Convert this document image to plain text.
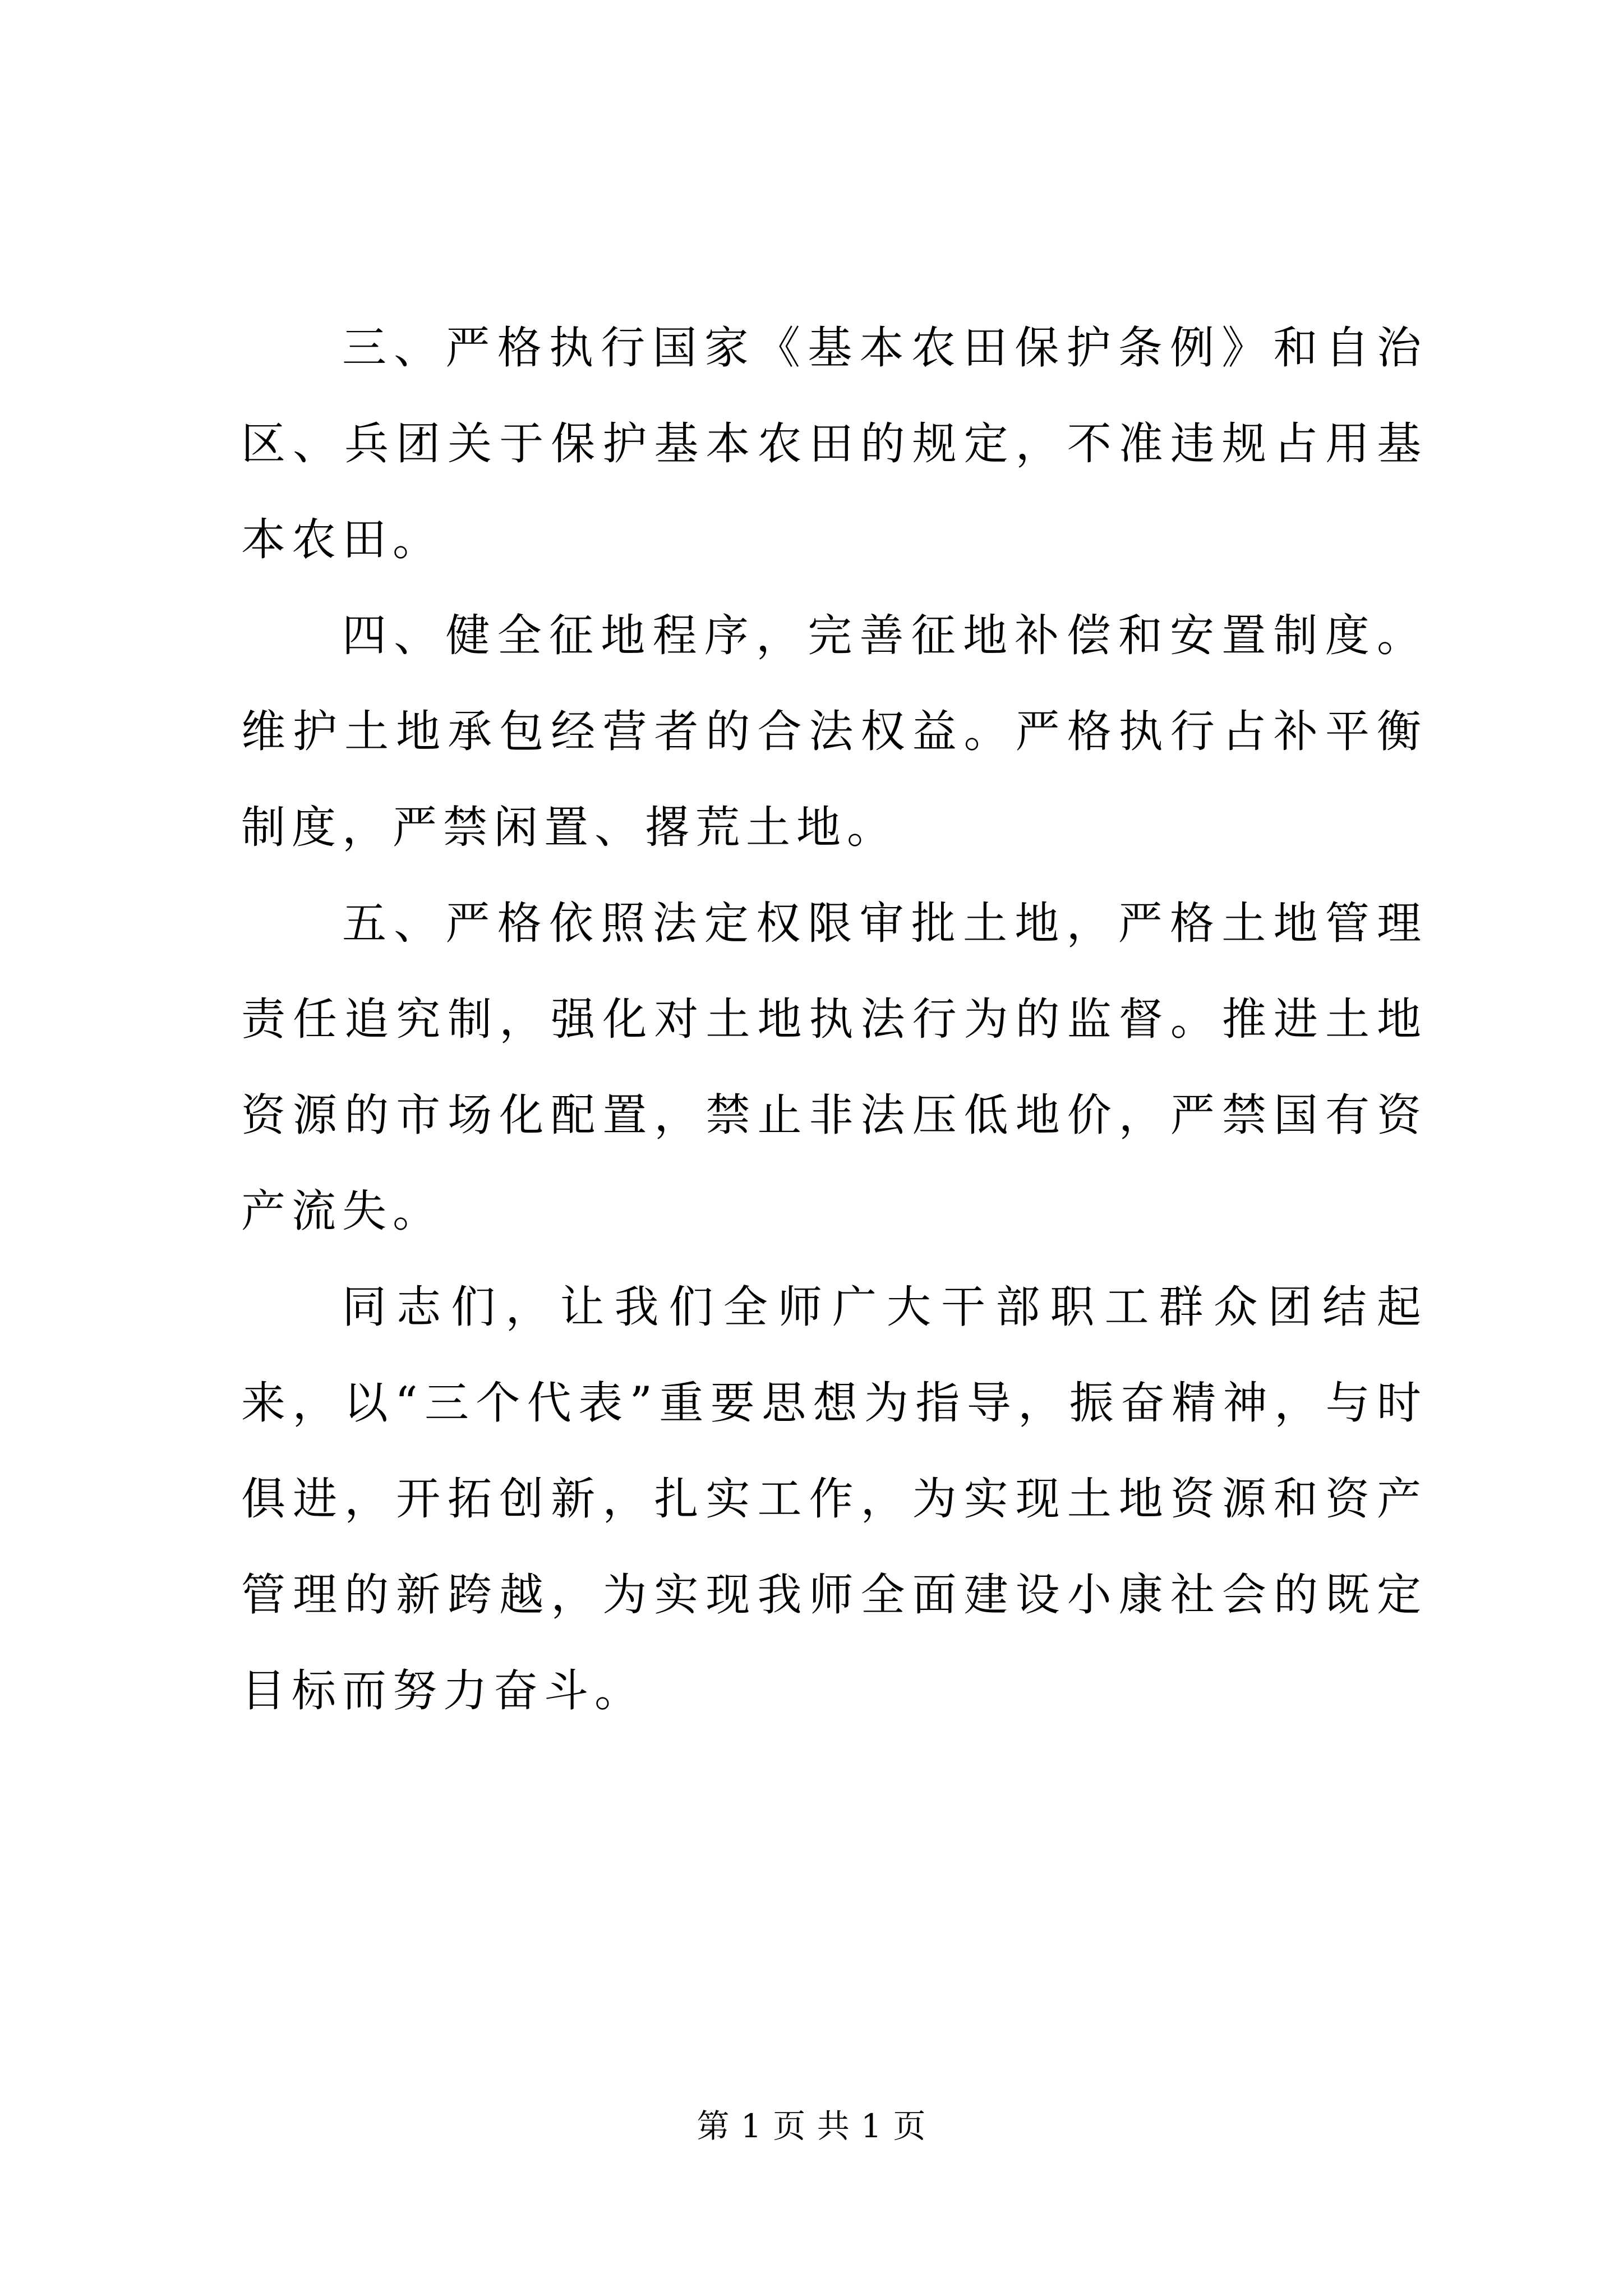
三、严格执行国家《基本农田保护条例》和自治区、兵团关于保护基本农田的规定，不准违规占用基本农田。

四、健全征地程序，完善征地补偿和安置制度。维护土地承包经营者的合法权益。严格执行占补平衡制度，严禁闲置、撂荒土地。

五、严格依照法定权限审批土地，严格土地管理责任追究制，强化对土地执法行为的监督。推进土地资源的市场化配置，禁止非法压低地价，严禁国有资产流失。

同志们，让我们全师广大干部职工群众团结起来，以“三个代表”重要思想为指导，振奋精神，与时俱进，开拓创新，扎实工作，为实现土地资源和资产管理的新跨越，为实现我师全面建设小康社会的既定目标而努力奋斗。

第 1 页 共 1 页
